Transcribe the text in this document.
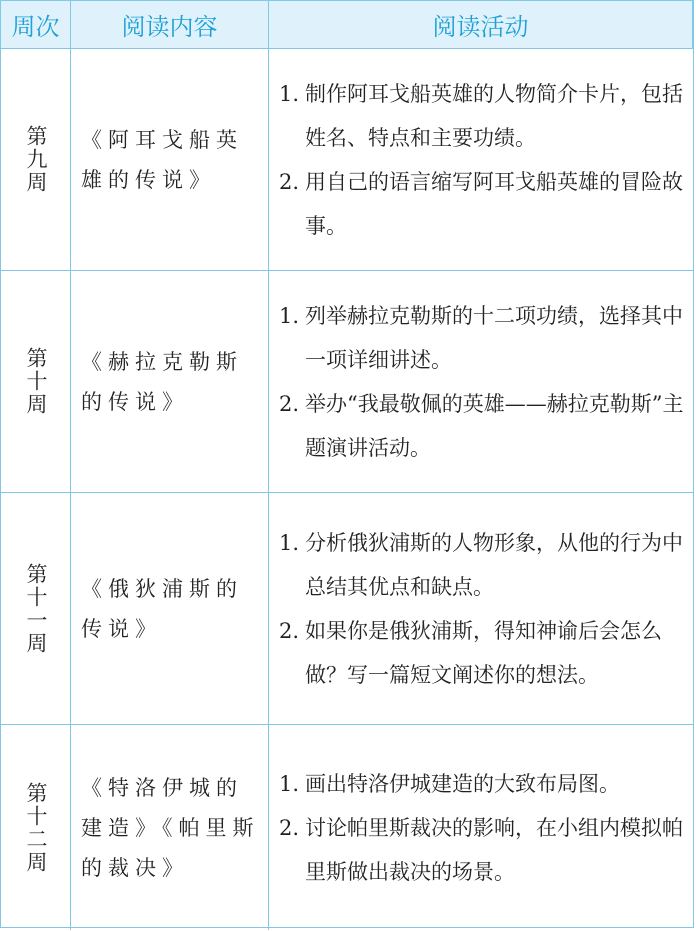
周次	阅读内容	阅读活动
第九周 《阿耳戈船英雄的传说》
1. 制作阿耳戈船英雄的人物简介卡片，包括姓名、特点和主要功绩。
2. 用自己的语言缩写阿耳戈船英雄的冒险故事。
第十周 《赫拉克勒斯的传说》
1. 列举赫拉克勒斯的十二项功绩，选择其中一项详细讲述。
2. 举办“我最敬佩的英雄——赫拉克勒斯”主题演讲活动。
第十一周 《俄狄浦斯的传说》
1. 分析俄狄浦斯的人物形象，从他的行为中总结其优点和缺点。
2. 如果你是俄狄浦斯，得知神谕后会怎么做？写一篇短文阐述你的想法。
第十二周 《特洛伊城的建造》《帕里斯的裁决》
1. 画出特洛伊城建造的大致布局图。
2. 讨论帕里斯裁决的影响，在小组内模拟帕里斯做出裁决的场景。
